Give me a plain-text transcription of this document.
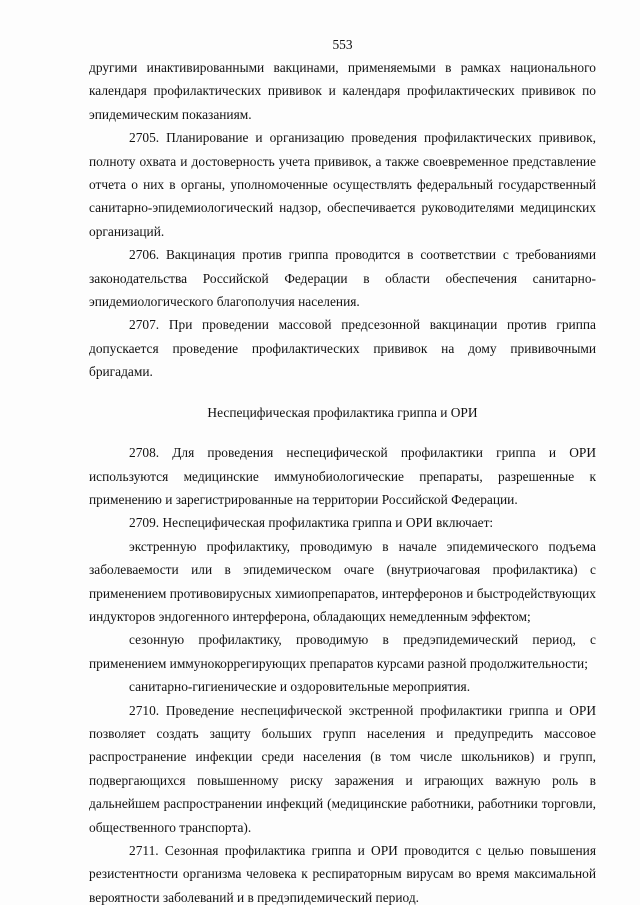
553

другими инактивированными вакцинами, применяемыми в рамках национального календаря профилактических прививок и календаря профилактических прививок по эпидемическим показаниям.

2705. Планирование и организацию проведения профилактических прививок, полноту охвата и достоверность учета прививок, а также своевременное представление отчета о них в органы, уполномоченные осуществлять федеральный государственный санитарно-эпидемиологический надзор, обеспечивается руководителями медицинских организаций.

2706. Вакцинация против гриппа проводится в соответствии с требованиями законодательства Российской Федерации в области обеспечения санитарно-эпидемиологического благополучия населения.

2707. При проведении массовой предсезонной вакцинации против гриппа допускается проведение профилактических прививок на дому прививочными бригадами.

Неспецифическая профилактика гриппа и ОРИ

2708. Для проведения неспецифической профилактики гриппа и ОРИ используются медицинские иммунобиологические препараты, разрешенные к применению и зарегистрированные на территории Российской Федерации.

2709. Неспецифическая профилактика гриппа и ОРИ включает:

экстренную профилактику, проводимую в начале эпидемического подъема заболеваемости или в эпидемическом очаге (внутриочаговая профилактика) с применением противовирусных химиопрепаратов, интерферонов и быстродействующих индукторов эндогенного интерферона, обладающих немедленным эффектом;

сезонную профилактику, проводимую в предэпидемический период, с применением иммунокоррегирующих препаратов курсами разной продолжительности;

санитарно-гигиенические и оздоровительные мероприятия.

2710. Проведение неспецифической экстренной профилактики гриппа и ОРИ позволяет создать защиту больших групп населения и предупредить массовое распространение инфекции среди населения (в том числе школьников) и групп, подвергающихся повышенному риску заражения и играющих важную роль в дальнейшем распространении инфекций (медицинские работники, работники торговли, общественного транспорта).

2711. Сезонная профилактика гриппа и ОРИ проводится с целью повышения резистентности организма человека к респираторным вирусам во время максимальной вероятности заболеваний и в предэпидемический период.
